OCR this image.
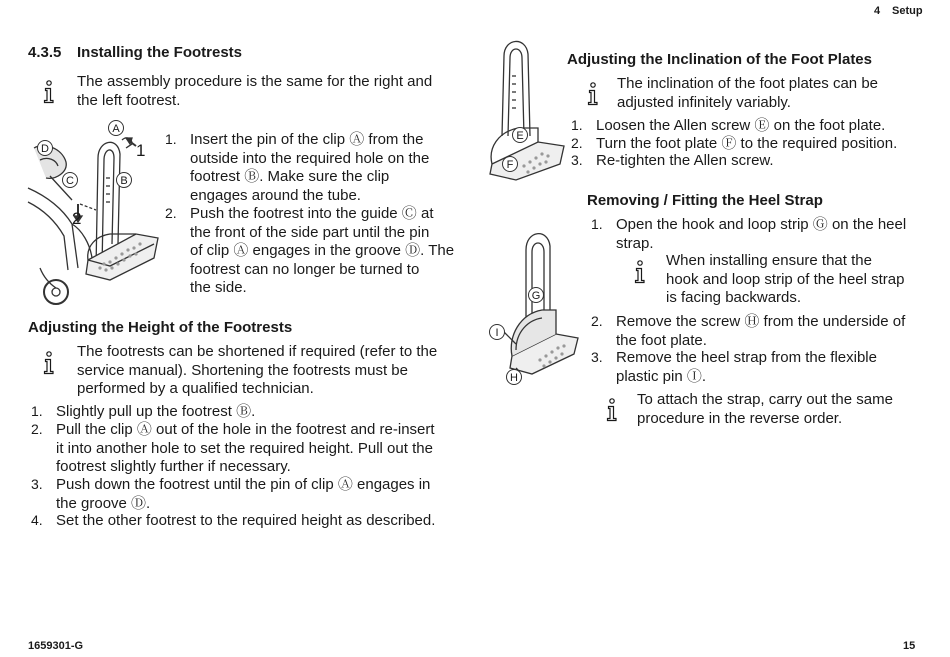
4 Setup
1659301-G	15
4.3.5 Installing the Footrests
The assembly procedure is the same for the right and
the left footrest.
A
B
C
D	1
2
1. Insert the pin of the clip Ⓐ from the
outside into the required hole on the
footrest Ⓑ. Make sure the clip
engages around the tube.
2. Push the footrest into the guide Ⓒ at
the front of the side part until the pin
of clip Ⓐ engages in the groove Ⓓ. The
footrest can no longer be turned to
the side.
Adjusting the Height of the Footrests
The footrests can be shortened if required (refer to the
service manual). Shortening the footrests must be
performed by a qualified technician.
1. Slightly pull up the footrest Ⓑ.
2. Pull the clip Ⓐ out of the hole in the footrest and re-insert
it into another hole to set the required height. Pull out the
footrest slightly further if necessary.
3. Push down the footrest until the pin of clip Ⓐ engages in
the groove Ⓓ.
4. Set the other footrest to the required height as described.
E
F
Adjusting the Inclination of the Foot Plates
The inclination of the foot plates can be
adjusted infinitely variably.
1. Loosen the Allen screw Ⓔ on the foot plate.
2. Turn the foot plate Ⓕ to the required position.
3. Re-tighten the Allen screw.
Removing / Fitting the Heel Strap
G
I
H
1. Open the hook and loop strip Ⓖ on the heel
strap.
When installing ensure that the
hook and loop strip of the heel strap
is facing backwards.
2. Remove the screw Ⓗ from the underside of
the foot plate.
3. Remove the heel strap from the flexible
plastic pin Ⓘ.
To attach the strap, carry out the same
procedure in the reverse order.
